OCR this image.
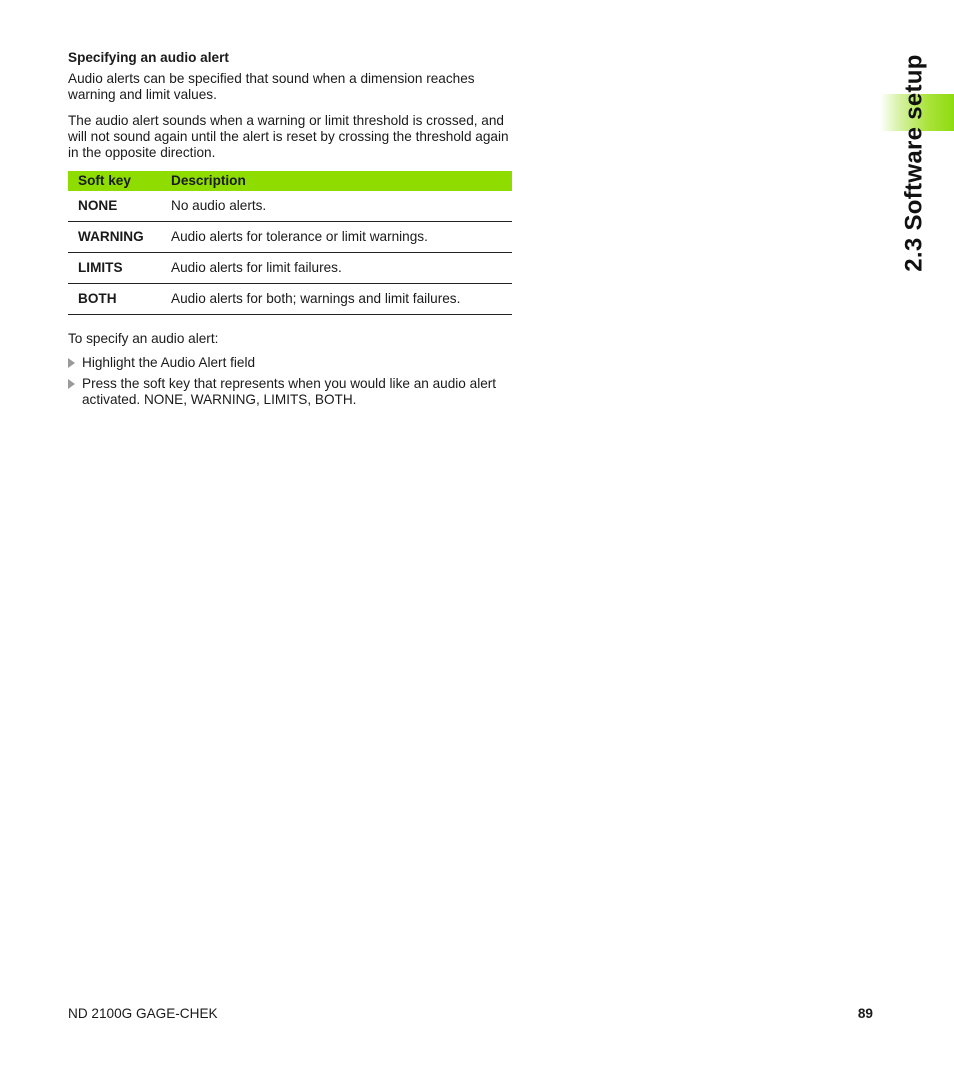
2.3 Software setup
Specifying an audio alert

Audio alerts can be specified that sound when a dimension reaches warning and limit values.

The audio alert sounds when a warning or limit threshold is crossed, and will not sound again until the alert is reset by crossing the threshold again in the opposite direction.

Soft key	Description
NONE	No audio alerts.
WARNING	Audio alerts for tolerance or limit warnings.
LIMITS	Audio alerts for limit failures.
BOTH	Audio alerts for both; warnings and limit failures.

To specify an audio alert:

Highlight the Audio Alert field
Press the soft key that represents when you would like an audio alert activated. NONE, WARNING, LIMITS, BOTH.
ND 2100G GAGE-CHEK	89
